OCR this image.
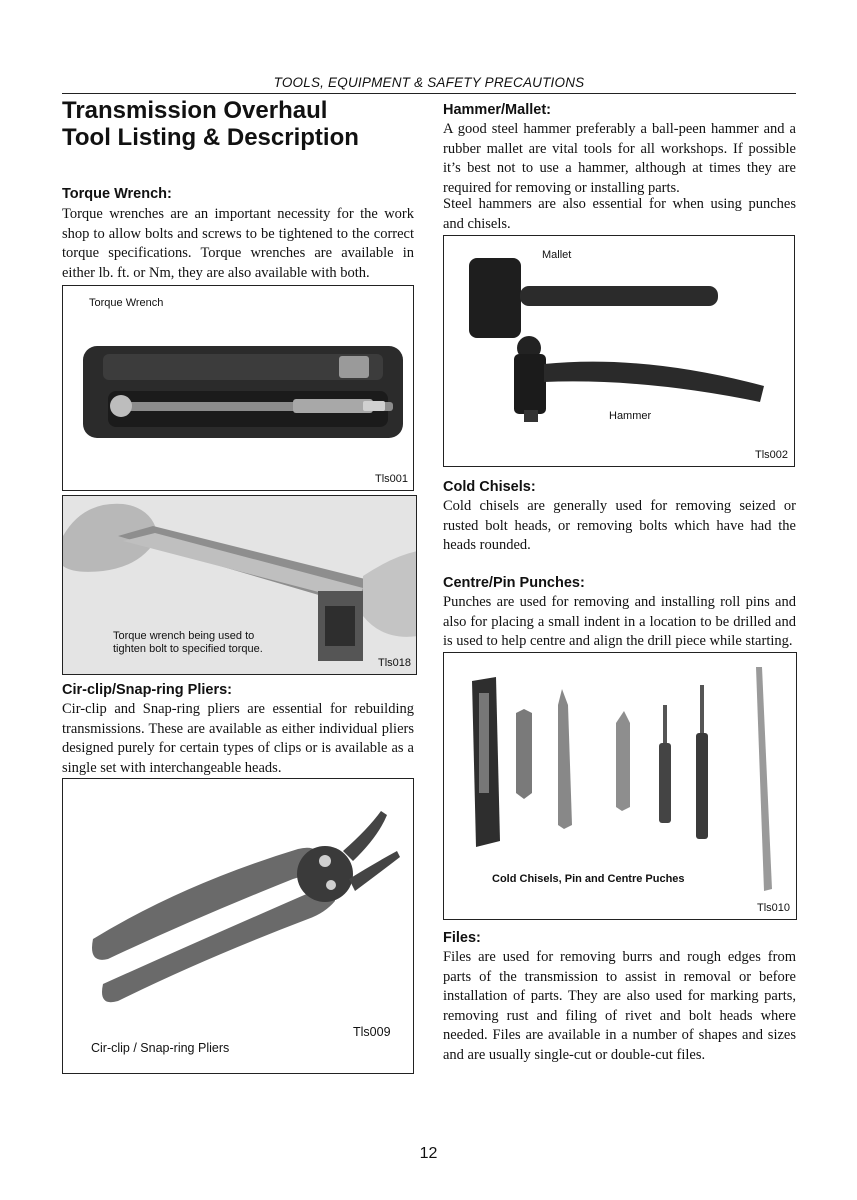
TOOLS, EQUIPMENT & SAFETY PRECAUTIONS
Transmission Overhaul
Tool Listing & Description
Torque Wrench:

Torque wrenches are an important necessity for the work shop to allow bolts and screws to be tightened to the correct torque specifications. Torque wrenches are available in either lb. ft. or Nm, they are also available with both.

Torque Wrench
Tls001
Torque wrench being used to
tighten bolt to specified torque.
Tls018
Cir-clip/Snap-ring Pliers:

Cir-clip and Snap-ring pliers are essential for rebuilding transmissions. These are available as either individual pliers designed purely for certain types of clips or is available as a single set with interchangeable heads.

Tls009
Cir-clip / Snap-ring Pliers
Hammer/Mallet:

A good steel hammer preferably a ball-peen hammer and a rubber mallet are vital tools for all workshops. If possible it’s best not to use a hammer, although at times they are required for removing or installing parts.

Steel hammers are also essential for when using punches and chisels.

Mallet
Hammer
Tls002
Cold Chisels:

Cold chisels are generally used for removing seized or rusted bolt heads, or removing bolts which have had the heads rounded.

Centre/Pin Punches:

Punches are used for removing and installing roll pins and also for placing a small indent in a location to be drilled and is used to help centre and align the drill piece while starting.

Cold Chisels, Pin and Centre Puches
Tls010
Files:

Files are used for removing burrs and rough edges from parts of the transmission to assist in removal or before installation of parts. They are also used for marking parts, removing rust and filing of rivet and bolt heads where needed. Files are available in a number of shapes and sizes and are usually single-cut or double-cut files.

12
